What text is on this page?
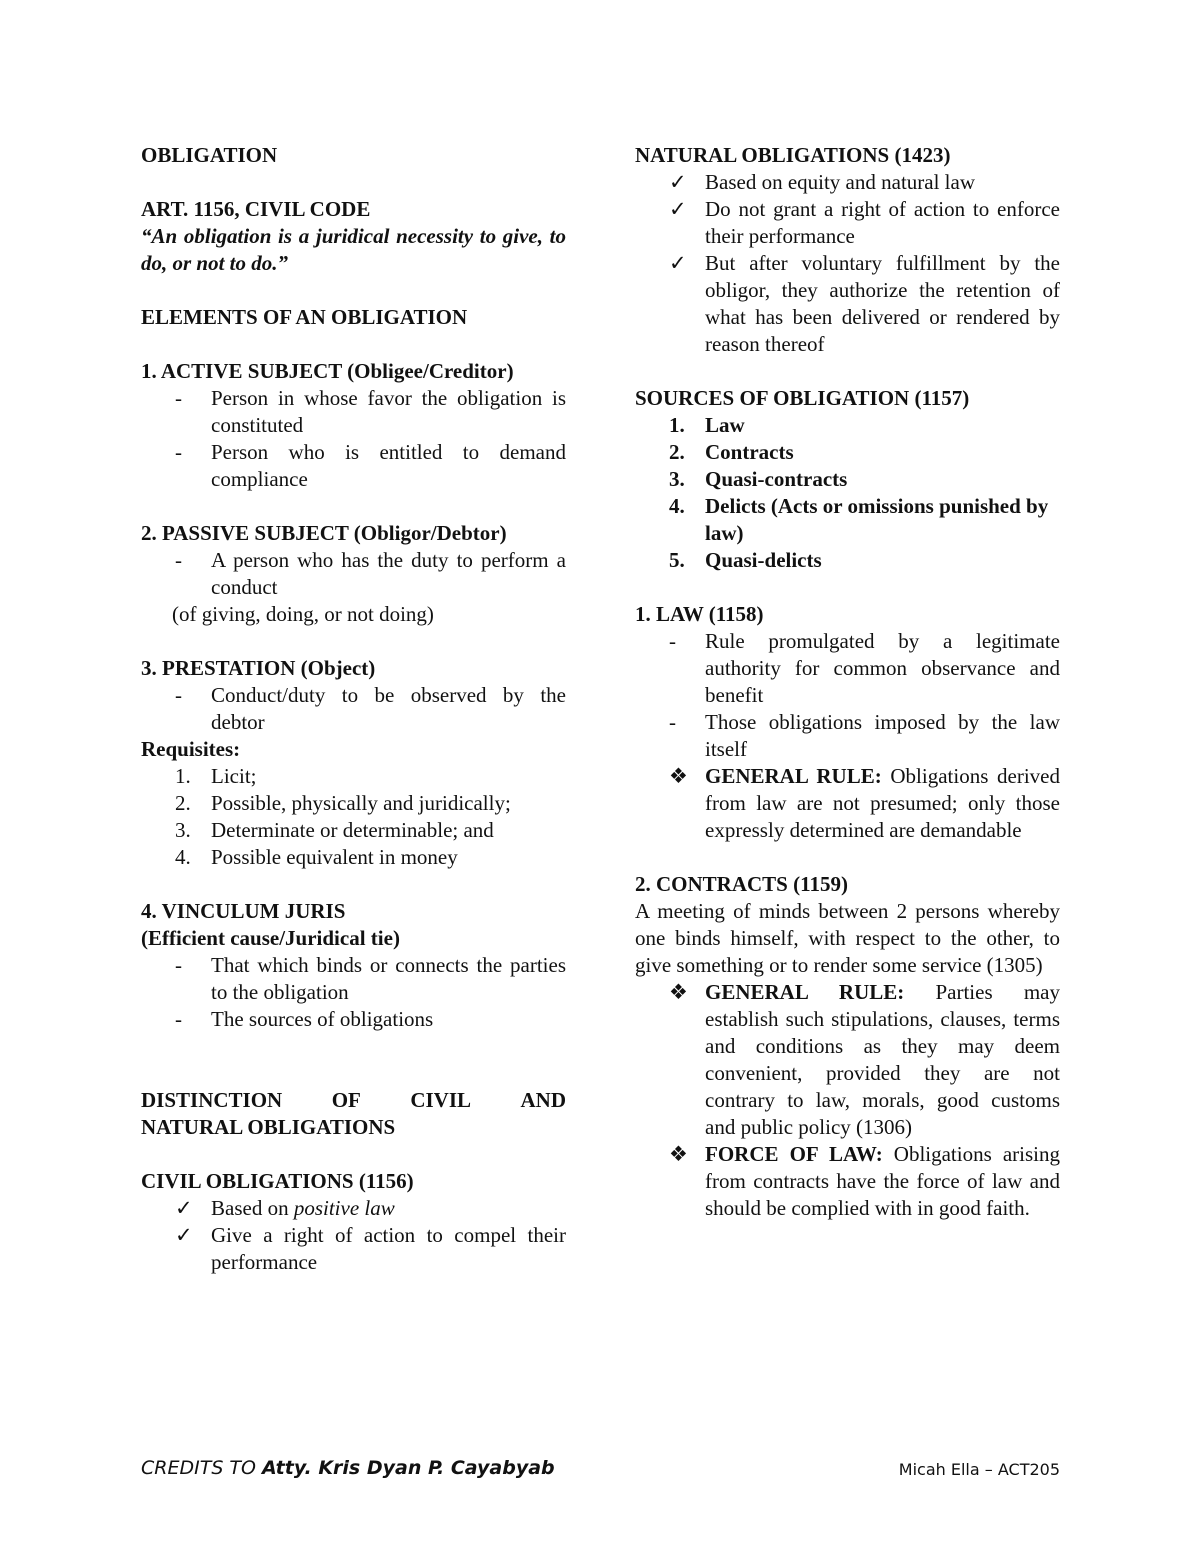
OBLIGATION

ART. 1156, CIVIL CODE

“An obligation is a juridical necessity to give, to do, or not to do.”

ELEMENTS OF AN OBLIGATION

1. ACTIVE SUBJECT (Obligee/Creditor)

-	Person in whose favor the obligation is constituted
-	Person who is entitled to demand compliance

2. PASSIVE SUBJECT (Obligor/Debtor)

-	A person who has the duty to perform a conduct

(of giving, doing, or not doing)

3. PRESTATION (Object)

-	Conduct/duty to be observed by the debtor

Requisites:

1. Licit;
2. Possible, physically and juridically;
3. Determinate or determinable; and
4. Possible equivalent in money

4. VINCULUM JURIS

(Efficient cause/Juridical tie)

-	That which binds or connects the parties to the obligation
-	The sources of obligations
DISTINCTION OF CIVIL AND

NATURAL OBLIGATIONS

CIVIL OBLIGATIONS (1156)

✓ Based on positive law
✓ Give a right of action to compel their performance

NATURAL OBLIGATIONS (1423)

✓ Based on equity and natural law
✓ Do not grant a right of action to enforce their performance
✓ But after voluntary fulfillment by the obligor, they authorize the retention of what has been delivered or rendered by reason thereof

SOURCES OF OBLIGATION (1157)

1. Law
2. Contracts
3. Quasi-contracts
4. Delicts (Acts or omissions punished by law)
5. Quasi-delicts

1. LAW (1158)

-	Rule promulgated by a legitimate authority for common observance and benefit
-	Those obligations imposed by the law itself
❖ GENERAL RULE: Obligations derived from law are not presumed; only those expressly determined are demandable

2. CONTRACTS (1159)

A meeting of minds between 2 persons whereby one binds himself, with respect to the other, to give something or to render some service (1305)

❖ GENERAL RULE: Parties may establish such stipulations, clauses, terms and conditions as they may deem convenient, provided they are not contrary to law, morals, good customs and public policy (1306)
❖ FORCE OF LAW: Obligations arising from contracts have the force of law and should be complied with in good faith.
CREDITS TO Atty. Kris Dyan P. Cayabyab	Micah Ella – ACT205
